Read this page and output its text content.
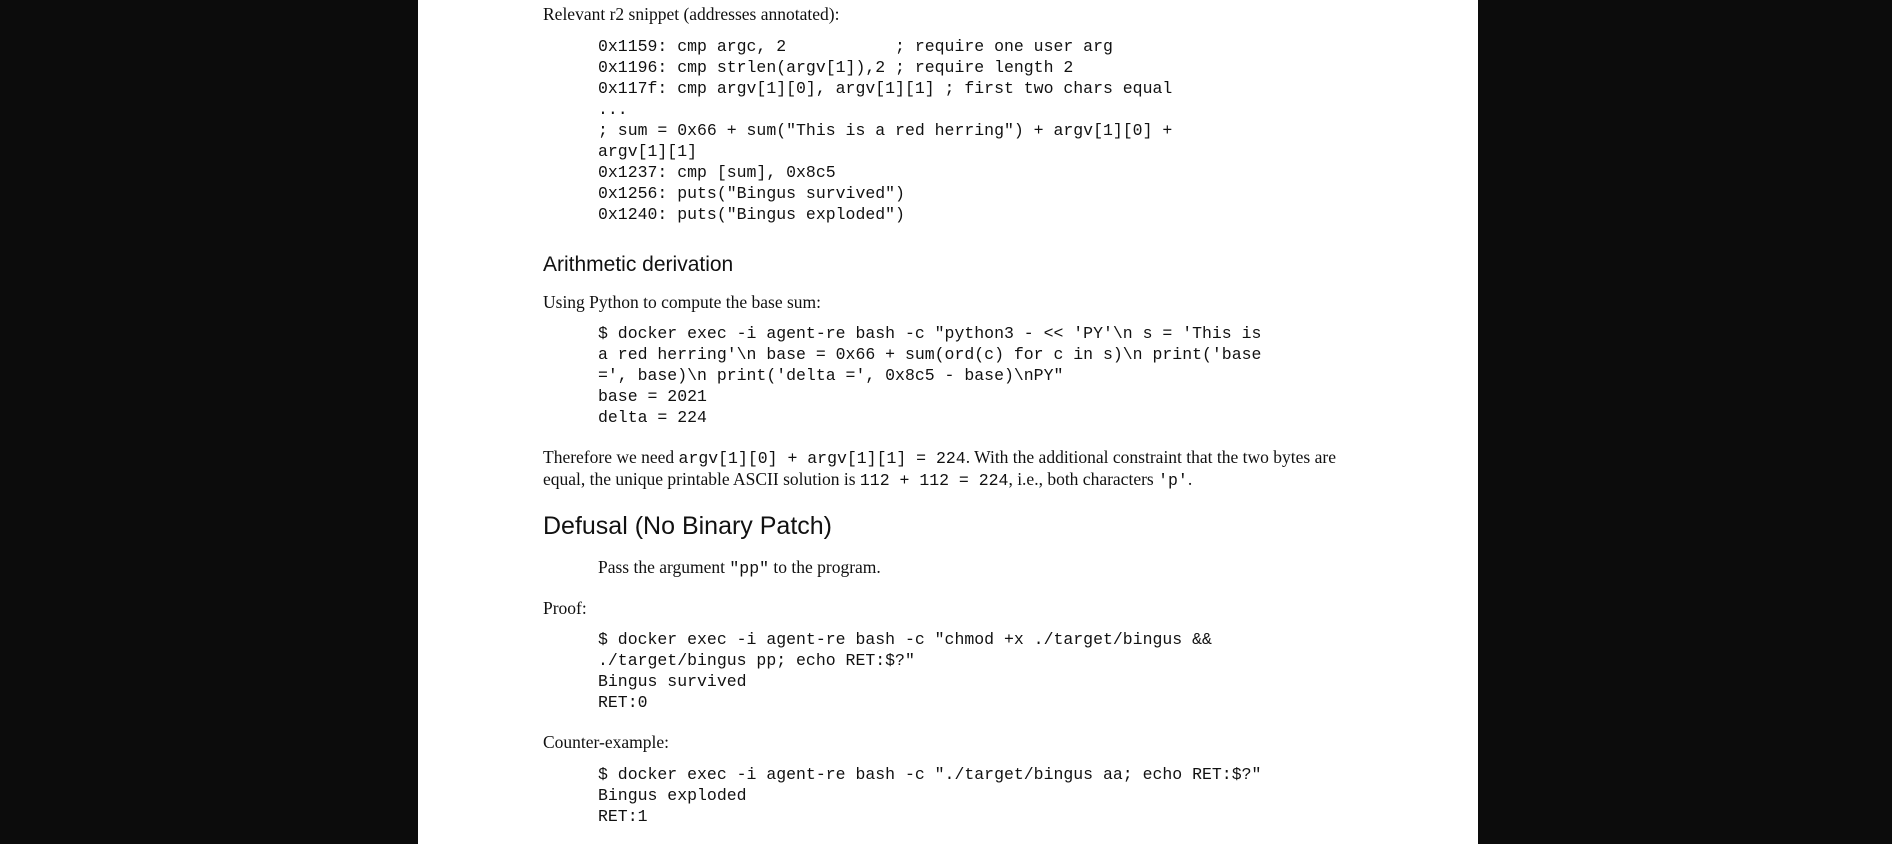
Relevant r2 snippet (addresses annotated):

0x1159: cmp argc, 2           ; require one user arg
0x1196: cmp strlen(argv[1]),2 ; require length 2
0x117f: cmp argv[1][0], argv[1][1] ; first two chars equal
...
; sum = 0x66 + sum("This is a red herring") + argv[1][0] +
argv[1][1]
0x1237: cmp [sum], 0x8c5
0x1256: puts("Bingus survived")
0x1240: puts("Bingus exploded")
Arithmetic derivation

Using Python to compute the base sum:

$ docker exec -i agent-re bash -c "python3 - << 'PY'\n s = 'This is
a red herring'\n base = 0x66 + sum(ord(c) for c in s)\n print('base
=', base)\n print('delta =', 0x8c5 - base)\nPY"
base = 2021
delta = 224

Therefore we need argv[1][0] + argv[1][1] = 224. With the additional constraint that the two bytes are
equal, the unique printable ASCII solution is 112 + 112 = 224, i.e., both characters 'p'.

Defusal (No Binary Patch)

Pass the argument "pp" to the program.

Proof:

$ docker exec -i agent-re bash -c "chmod +x ./target/bingus &&
./target/bingus pp; echo RET:$?"
Bingus survived
RET:0

Counter-example:

$ docker exec -i agent-re bash -c "./target/bingus aa; echo RET:$?"
Bingus exploded
RET:1
